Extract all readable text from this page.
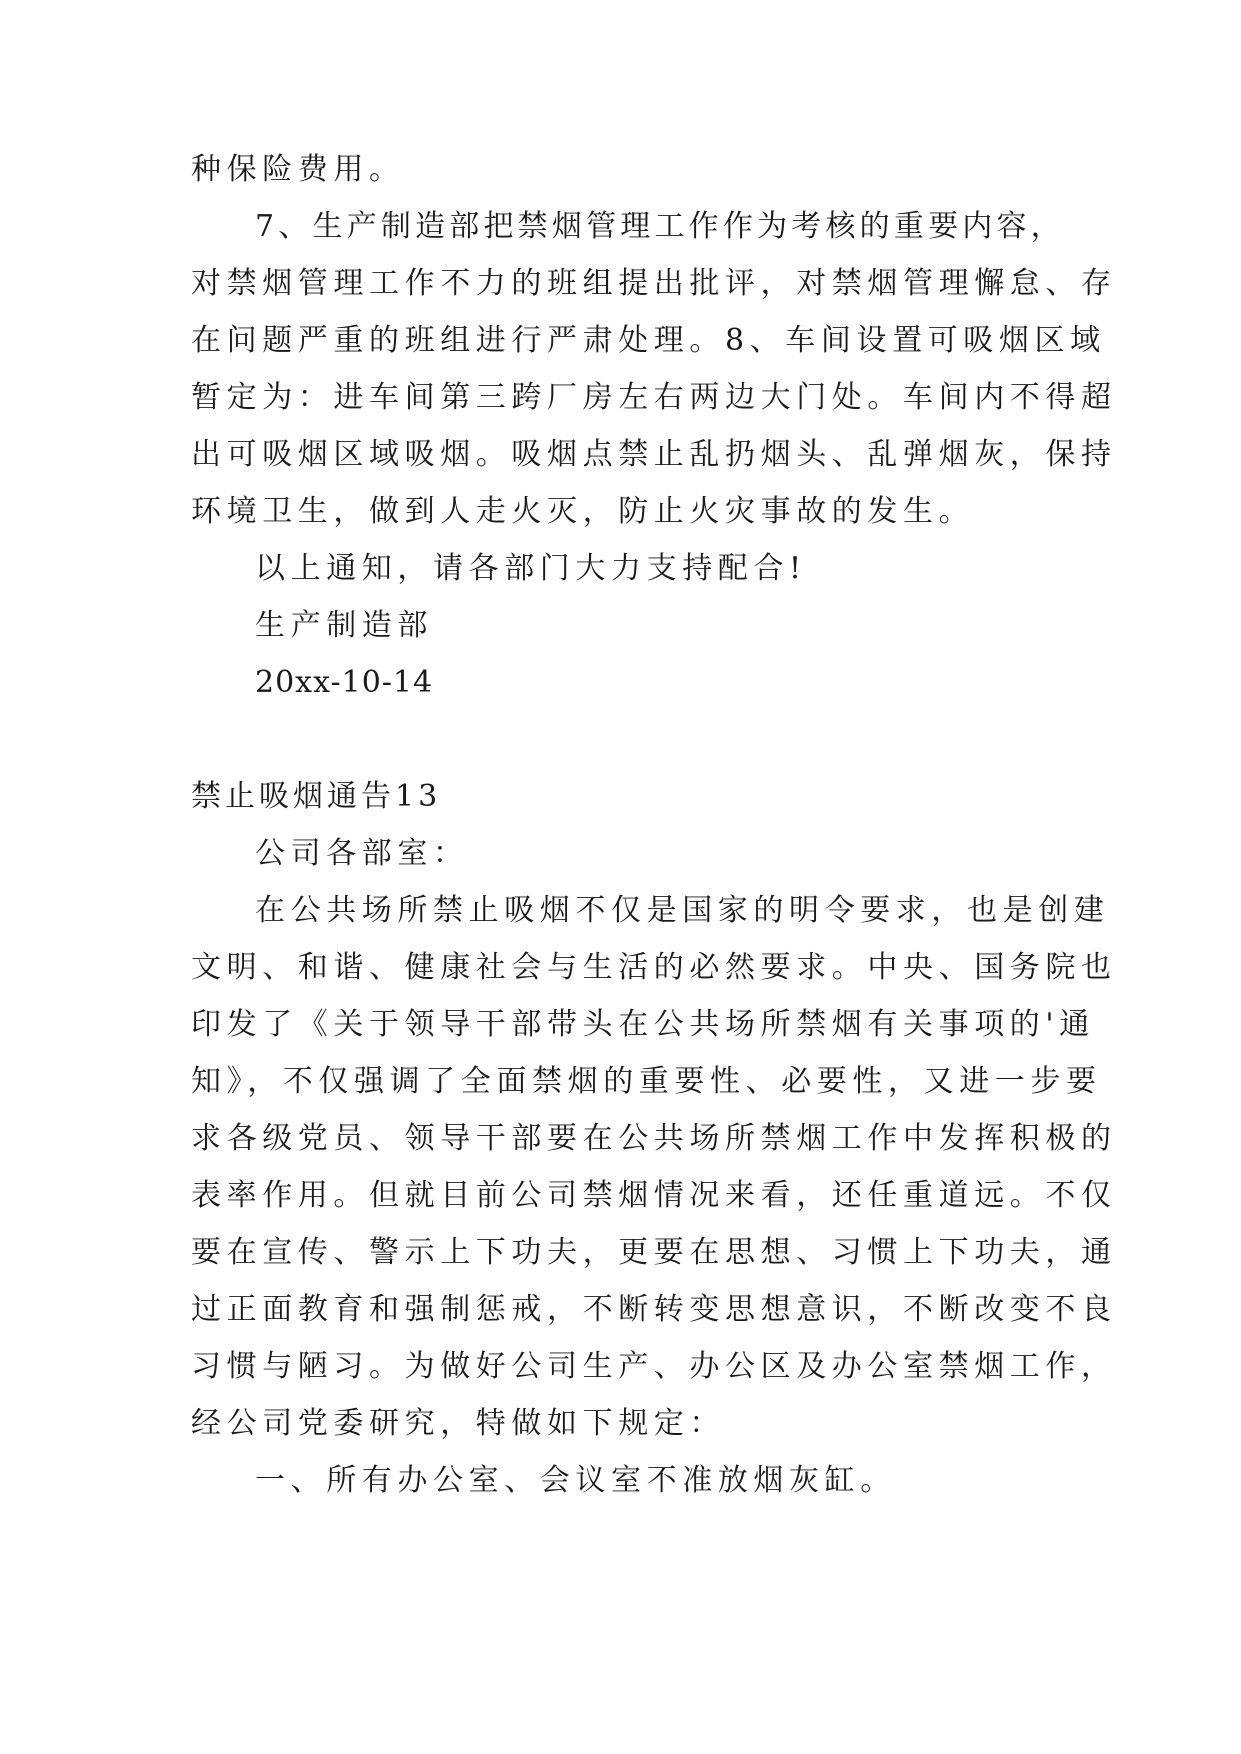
种保险费用。

7、生产制造部把禁烟管理工作作为考核的重要内容，

对禁烟管理工作不力的班组提出批评，对禁烟管理懈怠、存

在问题严重的班组进行严肃处理。8、车间设置可吸烟区域

暂定为：进车间第三跨厂房左右两边大门处。车间内不得超

出可吸烟区域吸烟。吸烟点禁止乱扔烟头、乱弹烟灰，保持

环境卫生，做到人走火灭，防止火灾事故的发生。

以上通知，请各部门大力支持配合!

生产制造部

20xx-10-14

禁止吸烟通告13

公司各部室：

在公共场所禁止吸烟不仅是国家的明令要求，也是创建

文明、和谐、健康社会与生活的必然要求。中央、国务院也

印发了《关于领导干部带头在公共场所禁烟有关事项的'通

知》，不仅强调了全面禁烟的重要性、必要性，又进一步要

求各级党员、领导干部要在公共场所禁烟工作中发挥积极的

表率作用。但就目前公司禁烟情况来看，还任重道远。不仅

要在宣传、警示上下功夫，更要在思想、习惯上下功夫，通

过正面教育和强制惩戒，不断转变思想意识，不断改变不良

习惯与陋习。为做好公司生产、办公区及办公室禁烟工作，

经公司党委研究，特做如下规定：

一、所有办公室、会议室不准放烟灰缸。
